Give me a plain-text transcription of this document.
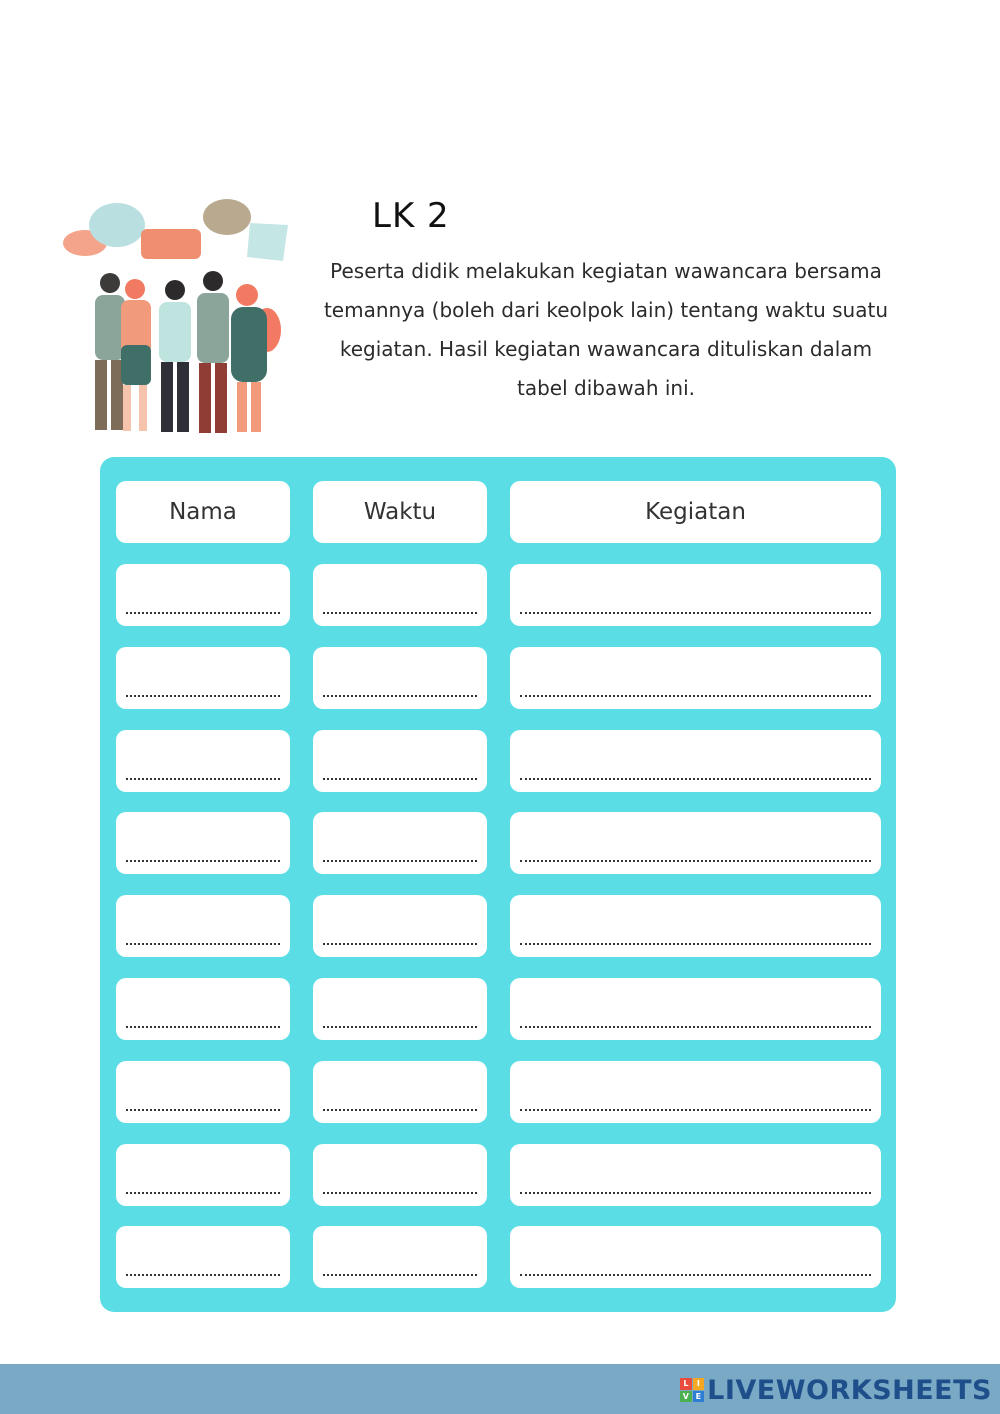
LK 2
Peserta didik melakukan kegiatan wawancara bersama temannya (boleh dari keolpok lain) tentang waktu suatu kegiatan. Hasil kegiatan wawancara dituliskan dalam tabel dibawah ini.
Nama	Waktu	Kegiatan
L	I
V E LIVEWORKSHEETS
